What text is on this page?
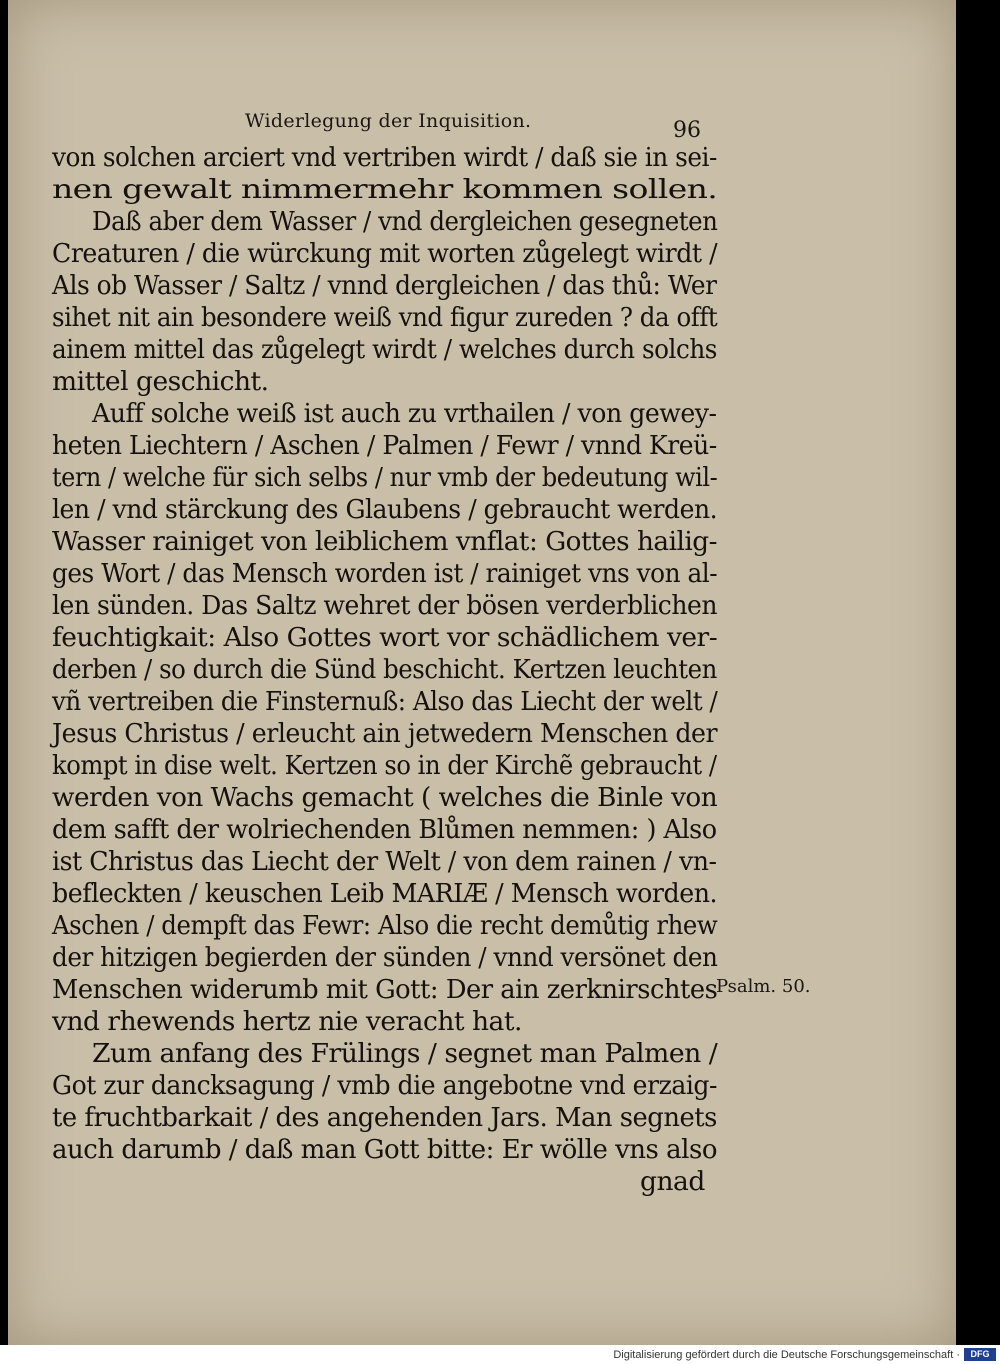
Widerlegung der Inquisition.	96
von solchen arciert vnd vertriben wirdt / daß sie in sei-
nen gewalt nimmermehr kommen sollen.
Daß aber dem Wasser / vnd dergleichen gesegneten
Creaturen / die würckung mit worten zůgelegt wirdt /
Als ob Wasser / Saltz / vnnd dergleichen / das thů: Wer
sihet nit ain besondere weiß vnd figur zureden ? da offt
ainem mittel das zůgelegt wirdt / welches durch solchs
mittel geschicht.
Auff solche weiß ist auch zu vrthailen / von gewey-
heten Liechtern / Aschen / Palmen / Fewr / vnnd Kreü-
tern / welche für sich selbs / nur vmb der bedeutung wil-
len / vnd stärckung des Glaubens / gebraucht werden.
Wasser rainiget von leiblichem vnflat: Gottes hailig-
ges Wort / das Mensch worden ist / rainiget vns von al-
len sünden. Das Saltz wehret der bösen verderblichen
feuchtigkait: Also Gottes wort vor schädlichem ver-
derben / so durch die Sünd beschicht. Kertzen leuchten
vñ vertreiben die Finsternuß: Also das Liecht der welt /
Jesus Christus / erleucht ain jetwedern Menschen der
kompt in dise welt. Kertzen so in der Kirchẽ gebraucht /
werden von Wachs gemacht ( welches die Binle von
dem safft der wolriechenden Blůmen nemmen: ) Also
ist Christus das Liecht der Welt / von dem rainen / vn-
befleckten / keuschen Leib MARIÆ / Mensch worden.
Aschen / dempft das Fewr: Also die recht demůtig rhew
der hitzigen begierden der sünden / vnnd versönet den
Menschen widerumb mit Gott: Der ain zerknirschtes
vnd rhewends hertz nie veracht hat.
Zum anfang des Frülings / segnet man Palmen /
Got zur dancksagung / vmb die angebotne vnd erzaig-
te fruchtbarkait / des angehenden Jars. Man segnets
auch darumb / daß man Gott bitte: Er wölle vns also
gnad
Psalm. 50.
Digitalisierung gefördert durch die Deutsche Forschungsgemeinschaft ·	DFG
